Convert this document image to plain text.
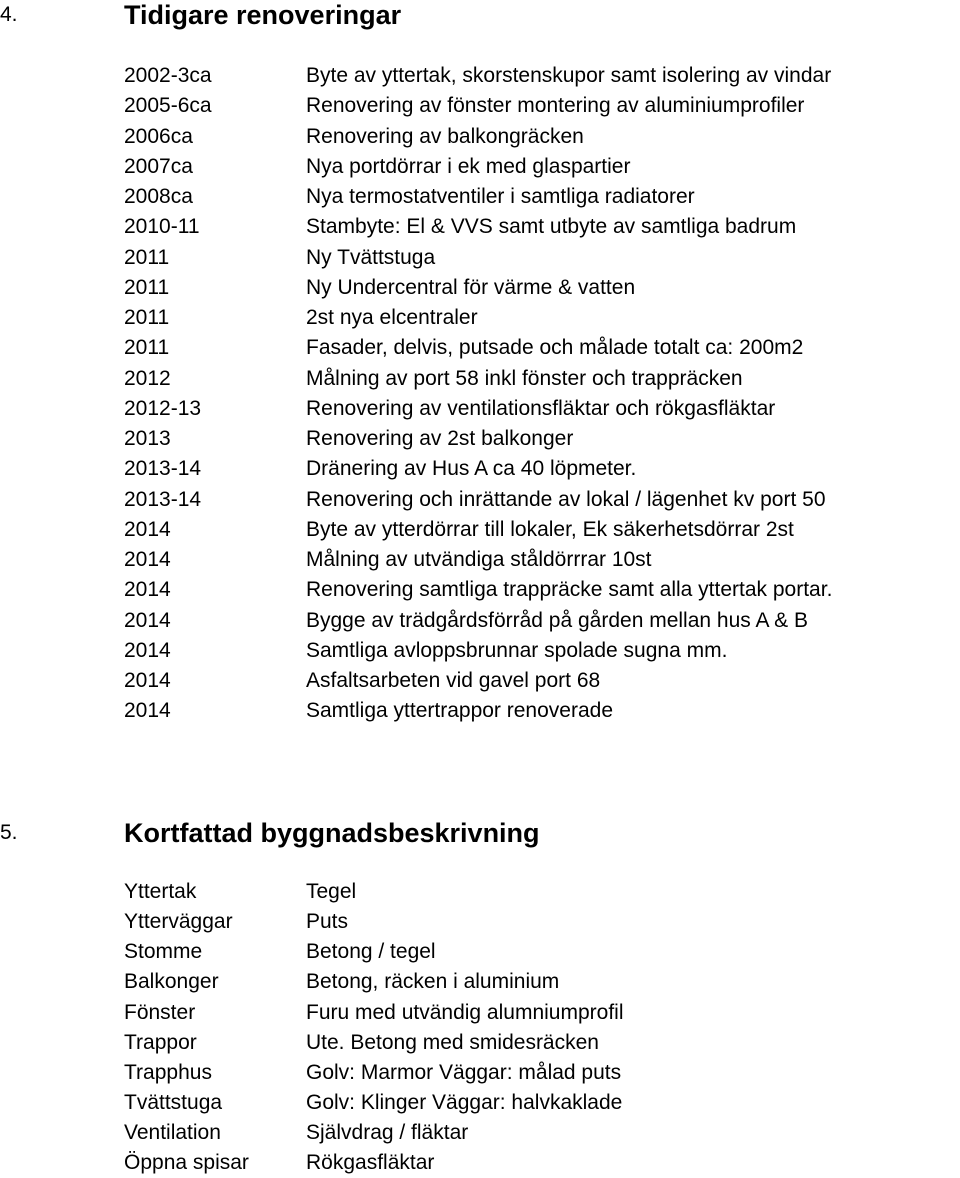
4.	Tidigare renoveringar
2002-3ca	Byte av yttertak, skorstenskupor samt isolering av vindar
2005-6ca	Renovering av fönster montering av aluminiumprofiler
2006ca	Renovering av balkongräcken
2007ca	Nya portdörrar i ek med glaspartier
2008ca	Nya termostatventiler i samtliga radiatorer
2010-11	Stambyte: El & VVS samt utbyte av samtliga badrum
2011	Ny Tvättstuga
2011	Ny Undercentral för värme & vatten
2011	2st nya elcentraler
2011	Fasader, delvis, putsade och målade totalt ca: 200m2
2012	Målning av port 58 inkl fönster och trappräcken
2012-13	Renovering av ventilationsfläktar och rökgasfläktar
2013	Renovering av 2st balkonger
2013-14	Dränering av Hus A ca 40 löpmeter.
2013-14	Renovering och inrättande av lokal / lägenhet kv port 50
2014	Byte av ytterdörrar till lokaler, Ek säkerhetsdörrar 2st
2014	Målning av utvändiga ståldörrrar 10st
2014	Renovering samtliga trappräcke samt alla yttertak portar.
2014	Bygge av trädgårdsförråd på gården mellan hus A & B
2014	Samtliga avloppsbrunnar spolade sugna mm.
2014	Asfaltsarbeten vid gavel port 68
2014	Samtliga yttertrappor renoverade
5.	Kortfattad byggnadsbeskrivning
Yttertak	Tegel
Ytterväggar	Puts
Stomme	Betong / tegel
Balkonger	Betong, räcken i aluminium
Fönster	Furu med utvändig alumniumprofil
Trappor	Ute. Betong med smidesräcken
Trapphus	Golv: Marmor Väggar: målad puts
Tvättstuga	Golv: Klinger Väggar: halvkaklade
Ventilation	Självdrag / fläktar
Öppna spisar	Rökgasfläktar
